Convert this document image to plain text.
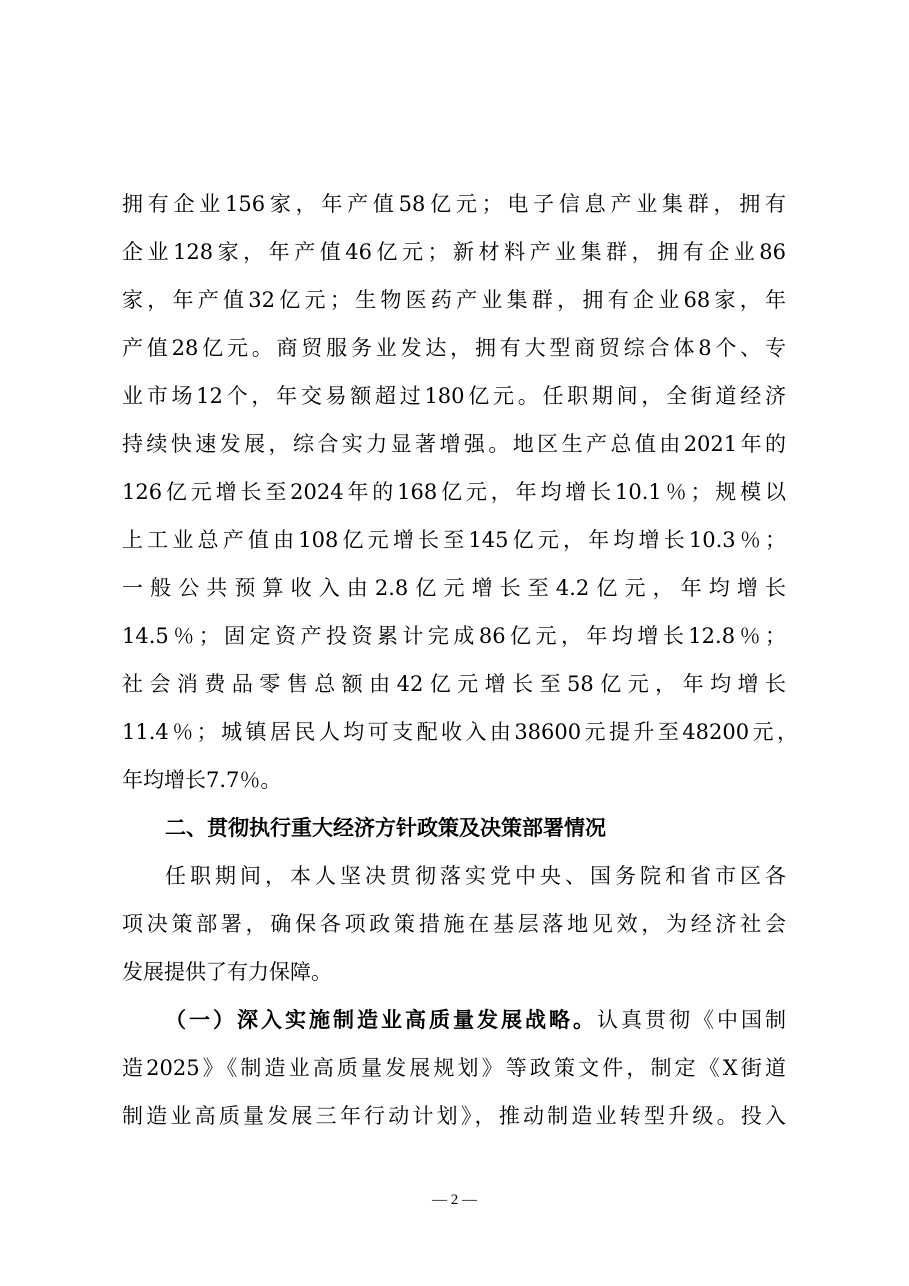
拥有企业156家，年产值58亿元；电子信息产业集群，拥有
企业128家，年产值46亿元；新材料产业集群，拥有企业86
家，年产值32亿元；生物医药产业集群，拥有企业68家，年
产值28亿元。商贸服务业发达，拥有大型商贸综合体8个、专
业市场12个，年交易额超过180亿元。任职期间，全街道经济
持续快速发展，综合实力显著增强。地区生产总值由2021年的
126亿元增长至2024年的168亿元，年均增长10.1％；规模以
上工业总产值由108亿元增长至145亿元，年均增长10.3％；
一般公共预算收入由2.8亿元增长至4.2亿元，年均增长
14.5％；固定资产投资累计完成86亿元，年均增长12.8％；
社会消费品零售总额由42亿元增长至58亿元，年均增长
11.4％；城镇居民人均可支配收入由38600元提升至48200元，
年均增长7.7％。
二、贯彻执行重大经济方针政策及决策部署情况
任职期间，本人坚决贯彻落实党中央、国务院和省市区各
项决策部署，确保各项政策措施在基层落地见效，为经济社会
发展提供了有力保障。
（一）深入实施制造业高质量发展战略。认真贯彻《中国制
造2025》《制造业高质量发展规划》等政策文件，制定《X街道
制造业高质量发展三年行动计划》，推动制造业转型升级。投入
— 2 —
